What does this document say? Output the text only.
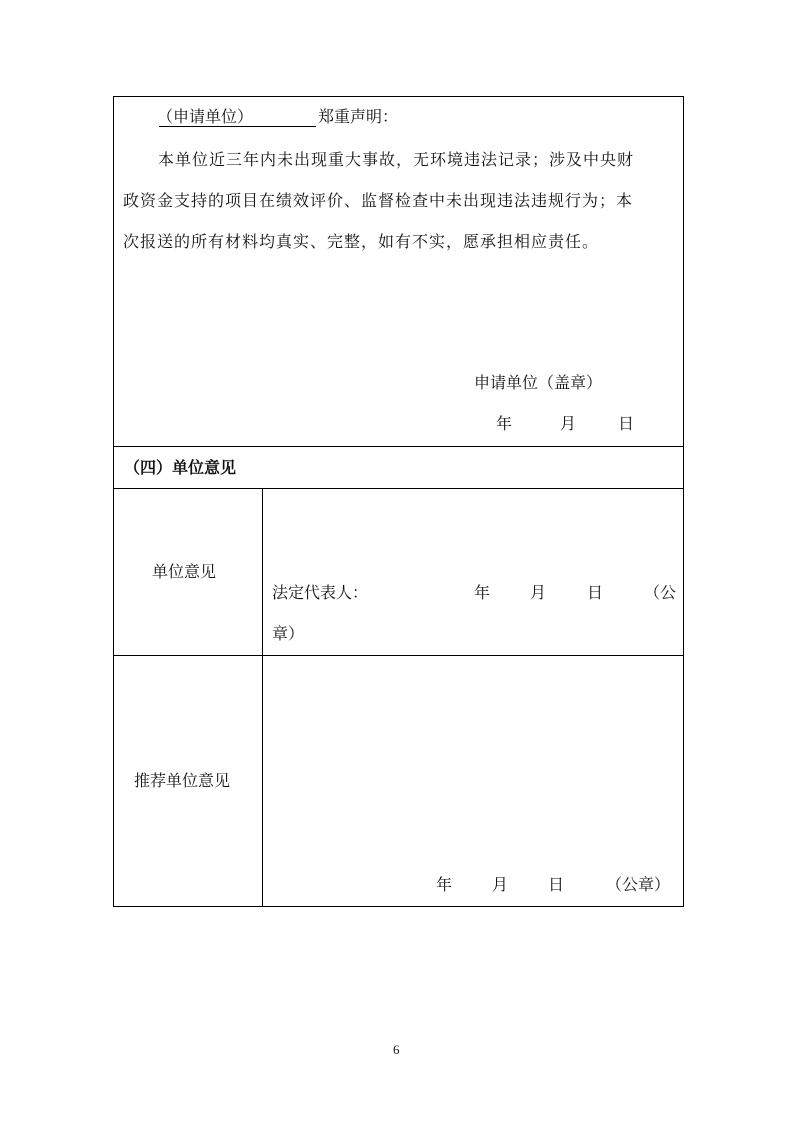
（申请单位）	郑重声明：
本单位近三年内未出现重大事故，无环境违法记录；涉及中央财
政资金支持的项目在绩效评价、监督检查中未出现违法违规行为；本
次报送的所有材料均真实、完整，如有不实，愿承担相应责任。
申请单位（盖章）
年	月	日
（四）单位意见
单位意见
法定代表人：	年 月	日	（公
章）
推荐单位意见
年 月 日	（公章）
6
